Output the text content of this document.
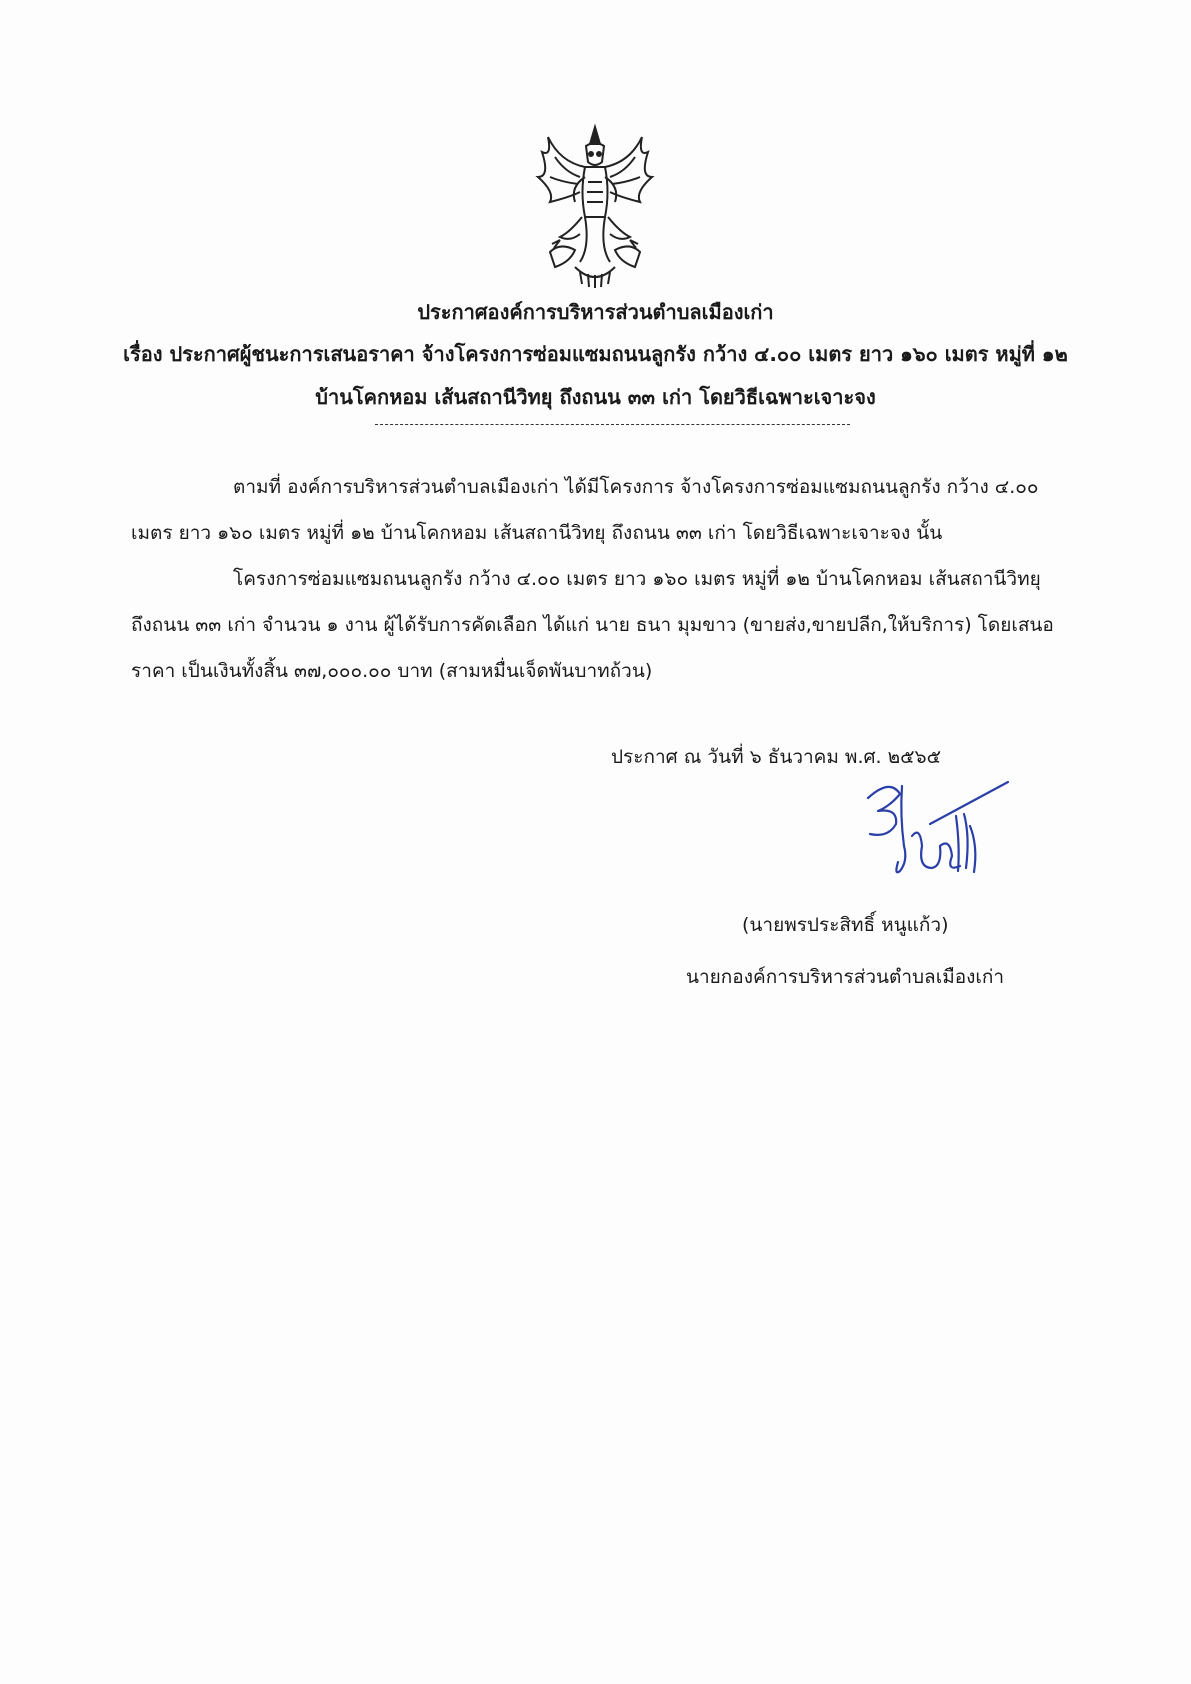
ประกาศองค์การบริหารส่วนตำบลเมืองเก่า
เรื่อง ประกาศผู้ชนะการเสนอราคา จ้างโครงการซ่อมแซมถนนลูกรัง กว้าง ๔.๐๐ เมตร ยาว ๑๖๐ เมตร หมู่ที่ ๑๒
บ้านโคกหอม เส้นสถานีวิทยุ ถึงถนน ๓๓ เก่า โดยวิธีเฉพาะเจาะจง
ตามที่ องค์การบริหารส่วนตำบลเมืองเก่า ได้มีโครงการ จ้างโครงการซ่อมแซมถนนลูกรัง กว้าง ๔.๐๐
เมตร ยาว ๑๖๐ เมตร หมู่ที่ ๑๒ บ้านโคกหอม เส้นสถานีวิทยุ ถึงถนน ๓๓ เก่า โดยวิธีเฉพาะเจาะจง นั้น
โครงการซ่อมแซมถนนลูกรัง กว้าง ๔.๐๐ เมตร ยาว ๑๖๐ เมตร หมู่ที่ ๑๒ บ้านโคกหอม เส้นสถานีวิทยุ
ถึงถนน ๓๓ เก่า จำนวน ๑ งาน ผู้ได้รับการคัดเลือก ได้แก่ นาย ธนา มุมขาว (ขายส่ง,ขายปลีก,ให้บริการ) โดยเสนอ
ราคา เป็นเงินทั้งสิ้น ๓๗,๐๐๐.๐๐ บาท (สามหมื่นเจ็ดพันบาทถ้วน)
ประกาศ ณ วันที่ ๖ ธันวาคม พ.ศ. ๒๕๖๕
(นายพรประสิทธิ์ หนูแก้ว)
นายกองค์การบริหารส่วนตำบลเมืองเก่า
